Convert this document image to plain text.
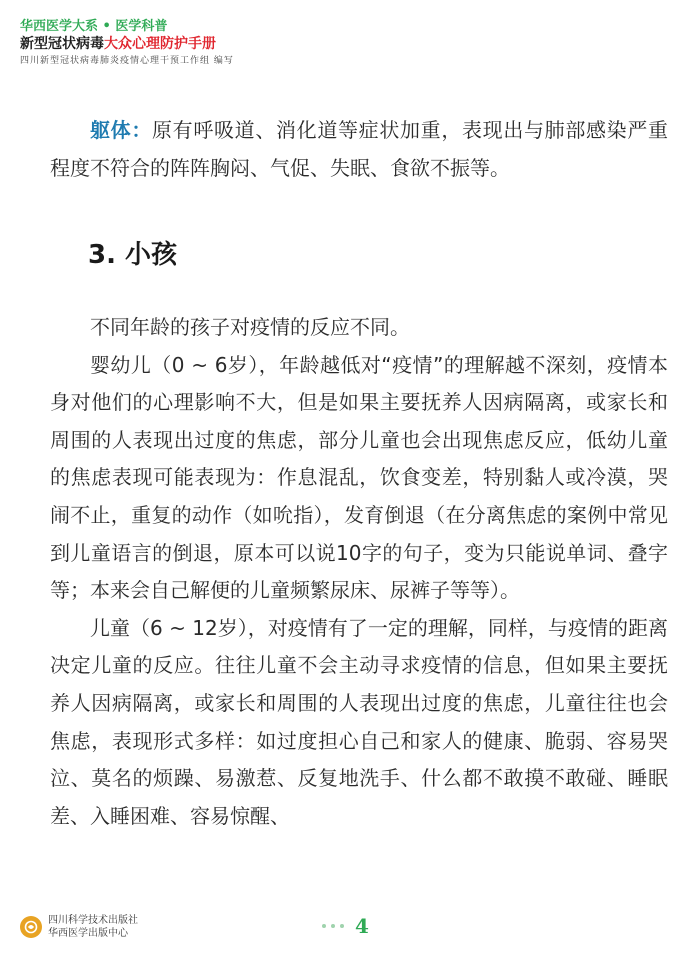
华西医学大系 • 医学科普
新型冠状病毒大众心理防护手册
四川新型冠状病毒肺炎疫情心理干预工作组 编写

躯体：原有呼吸道、消化道等症状加重，表现出与肺部感染严重程度不符合的阵阵胸闷、气促、失眠、食欲不振等。

3. 小孩

不同年龄的孩子对疫情的反应不同。

婴幼儿（0 ~ 6岁），年龄越低对“疫情”的理解越不深刻，疫情本身对他们的心理影响不大，但是如果主要抚养人因病隔离，或家长和周围的人表现出过度的焦虑，部分儿童也会出现焦虑反应，低幼儿童的焦虑表现可能表现为：作息混乱，饮食变差，特别黏人或冷漠，哭闹不止，重复的动作（如吮指），发育倒退（在分离焦虑的案例中常见到儿童语言的倒退，原本可以说10字的句子，变为只能说单词、叠字等；本来会自己解便的儿童频繁尿床、尿裤子等等）。

儿童（6 ~ 12岁），对疫情有了一定的理解，同样，与疫情的距离决定儿童的反应。往往儿童不会主动寻求疫情的信息，但如果主要抚养人因病隔离，或家长和周围的人表现出过度的焦虑，儿童往往也会焦虑，表现形式多样：如过度担心自己和家人的健康、脆弱、容易哭泣、莫名的烦躁、易激惹、反复地洗手、什么都不敢摸不敢碰、睡眠差、入睡困难、容易惊醒、

四川科学技术出版社
华西医学出版中心	4
